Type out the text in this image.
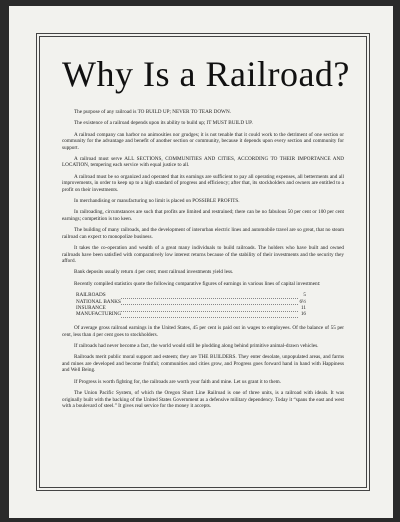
Why Is a Railroad?

The purpose of any railroad is TO BUILD UP; NEVER TO TEAR DOWN.

The existence of a railroad depends upon its ability to build up; IT MUST BUILD UP.

A railroad company can harbor no animosities nor grudges; it is not tenable that it could work to the detriment of one section or community for the advantage and benefit of another section or community, because it depends upon every section and community for support.

A railroad must serve ALL SECTIONS, COMMUNITIES AND CITIES, ACCORDING TO THEIR IMPORTANCE AND LOCATION, tempering each service with equal justice to all.

A railroad must be so organized and operated that its earnings are sufficient to pay all operating expenses, all betterments and all improvements, in order to keep up to a high standard of progress and efficiency; after that, its stockholders and owners are entitled to a profit on their investments.

In merchandising or manufacturing no limit is placed on POSSIBLE PROFITS.

In railroading, circumstances are such that profits are limited and restrained; there can be no fabulous 50 per cent or 100 per cent earnings; competition is too keen.

The building of many railroads, and the development of interurban electric lines and automobile travel are so great, that no steam railroad can expect to monopolize business.

It takes the co-operation and wealth of a great many individuals to build railroads. The holders who have built and owned railroads have been satisfied with comparatively low interest returns because of the stability of their investments and the security they afford.

Bank deposits usually return 4 per cent; most railroad investments yield less.

Recently compiled statistics quote the following comparative figures of earnings in various lines of capital investment:

RAILROADS		5
NATIONAL BANKS		6½
INSURANCE		11
MANUFACTURING		16

Of average gross railroad earnings in the United States, 45 per cent is paid out in wages to employees. Of the balance of 55 per cent, less than 4 per cent goes to stockholders.

If railroads had never become a fact, the world would still be plodding along behind primitive animal-drawn vehicles.

Railroads merit public moral support and esteem; they are THE BUILDERS. They enter desolate, unpopulated areas, and farms and mines are developed and become fruitful; communities and cities grow, and Progress goes forward hand in hand with Happiness and Well Being.

If Progress is worth fighting for, the railroads are worth your faith and mine. Let us grant it to them.

The Union Pacific System, of which the Oregon Short Line Railroad is one of three units, is a railroad with ideals. It was originally built with the backing of the United States Government as a defensive military dependency. Today it “spans the east and west with a boulevard of steel.” It gives real service for the money it accepts.
